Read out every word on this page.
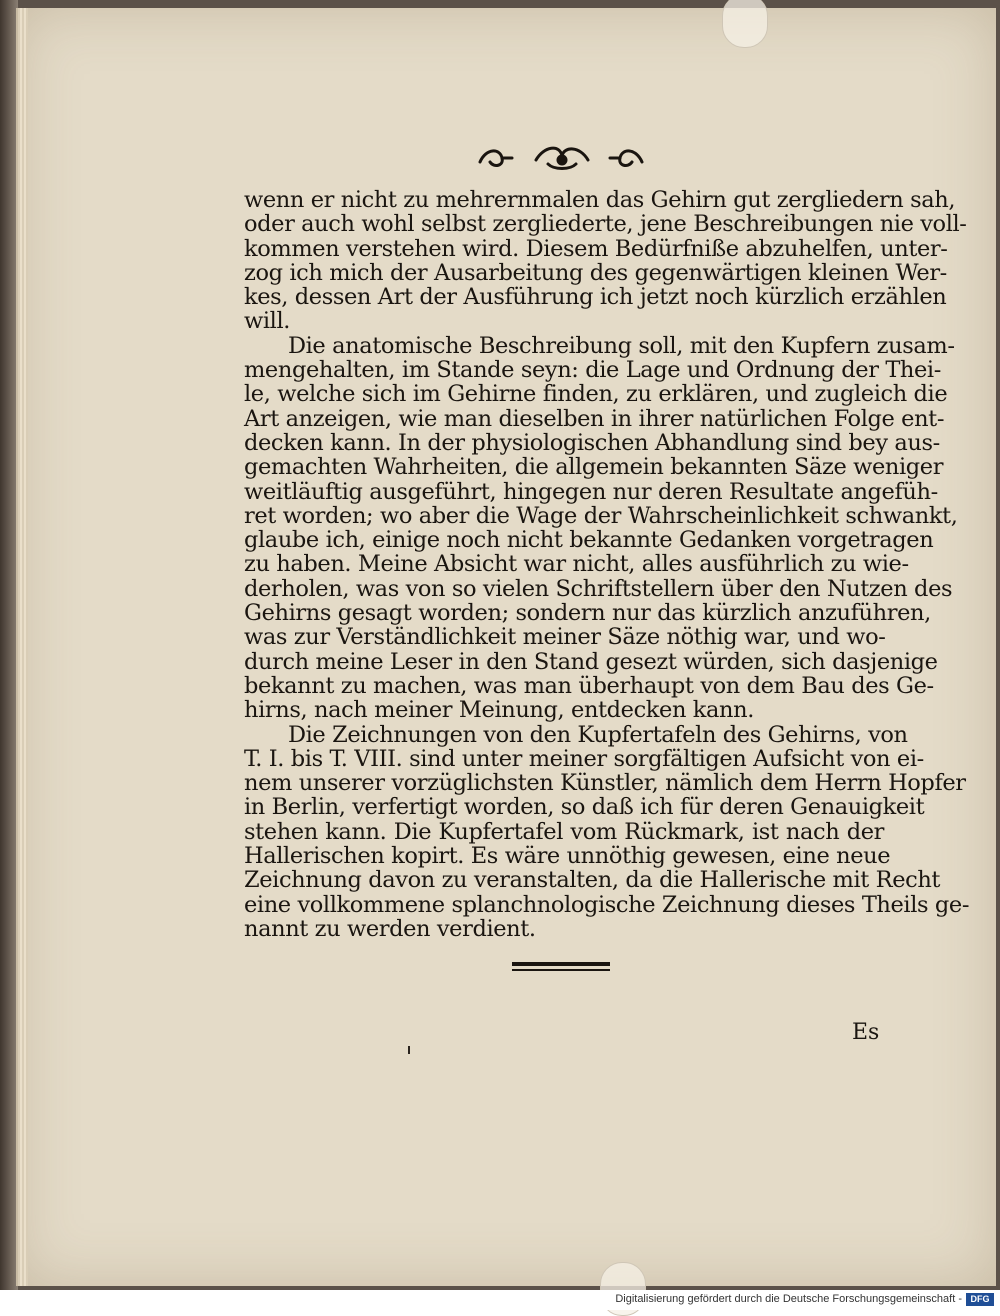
wenn er nicht zu mehrernmalen das Gehirn gut zergliedern sah,
oder auch wohl selbst zergliederte, jene Beschreibungen nie voll-
kommen verstehen wird. Diesem Bedürfniße abzuhelfen, unter-
zog ich mich der Ausarbeitung des gegenwärtigen kleinen Wer-
kes, dessen Art der Ausführung ich jetzt noch kürzlich erzählen
will.
Die anatomische Beschreibung soll, mit den Kupfern zusam-
mengehalten, im Stande seyn: die Lage und Ordnung der Thei-
le, welche sich im Gehirne finden, zu erklären, und zugleich die
Art anzeigen, wie man dieselben in ihrer natürlichen Folge ent-
decken kann. In der physiologischen Abhandlung sind bey aus-
gemachten Wahrheiten, die allgemein bekannten Säze weniger
weitläuftig ausgeführt, hingegen nur deren Resultate angefüh-
ret worden; wo aber die Wage der Wahrscheinlichkeit schwankt,
glaube ich, einige noch nicht bekannte Gedanken vorgetragen
zu haben. Meine Absicht war nicht, alles ausführlich zu wie-
derholen, was von so vielen Schriftstellern über den Nutzen des
Gehirns gesagt worden; sondern nur das kürzlich anzuführen,
was zur Verständlichkeit meiner Säze nöthig war, und wo-
durch meine Leser in den Stand gesezt würden, sich dasjenige
bekannt zu machen, was man überhaupt von dem Bau des Ge-
hirns, nach meiner Meinung, entdecken kann.
Die Zeichnungen von den Kupfertafeln des Gehirns, von
T. I. bis T. VIII. sind unter meiner sorgfältigen Aufsicht von ei-
nem unserer vorzüglichsten Künstler, nämlich dem Herrn Hopfer
in Berlin, verfertigt worden, so daß ich für deren Genauigkeit
stehen kann. Die Kupfertafel vom Rückmark, ist nach der
Hallerischen kopirt. Es wäre unnöthig gewesen, eine neue
Zeichnung davon zu veranstalten, da die Hallerische mit Recht
eine vollkommene splanchnologische Zeichnung dieses Theils ge-
nannt zu werden verdient.
Es
Digitalisierung gefördert durch die Deutsche Forschungsgemeinschaft - DFG
